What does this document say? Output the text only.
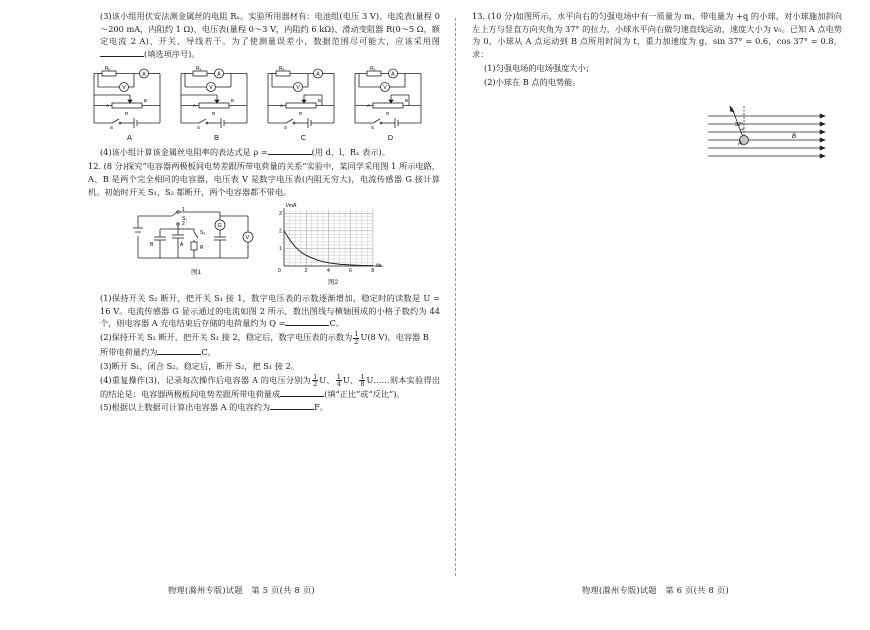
(3)该小组用伏安法测金属丝的电阻 Rₓ。实验所用器材有：电池组(电压 3 V)、电流表(量程 0～200 mA，内阻约 1 Ω)、电压表(量程 0～3 V，内阻约 6 kΩ)、滑动变阻器 R(0～5 Ω，额定电流 2 A)、开关、导线若干。为了使测量误差小，数据范围尽可能大，应该采用图(填选项序号)。

Rₓ
A
V
A
B
R
S
Rₓ
A
V
A
B
R
S
Rₓ
A
V
A
B
R
S
Rₓ
A
V
A
B
R
S
A	B	C	D

(4)该小组计算该金属丝电阻率的表达式是 ρ =	(用 d、l、Rₓ 表示)。

12. (8 分)探究“电容器两极板间电势差跟所带电荷量的关系”实验中，某同学采用图 1 所示电路，A、B 是两个完全相同的电容器，电压表 V 是数字电压表(内阻无穷大)，电流传感器 G 接计算机。初始时开关 S₁、S₂ 都断开，两个电容器都不带电。

1
2
S₁
S₂
R
B	A
G
V
图1	2	4	6	8
1
2
3
0
I/mA
t/s
图2

(1)保持开关 S₂ 断开，把开关 S₁ 接 1，数字电压表的示数逐渐增加，稳定时的读数是 U = 16 V。电流传感器 G 显示通过的电流如图 2 所示，数出图线与横轴围成的小格子数约为 44 个，则电容器 A 充电结束后存储的电荷量约为 Q =	C。

(2)保持开关 S₂ 断开，把开关 S₁ 接 2，稳定后，数字电压表的示数为 $\frac{1}{2} U(8$ V)，电容器 B

所带电荷量约为	C。

(3)断开 S₁，闭合 S₂。稳定后，断开 S₂，把 S₁ 接 2。

(4)重复操作(3)，记录每次操作后电容器 A 的电压分别为 $\frac{1}{2}$ U、 $\frac{1}{4}$ U、 $\frac{1}{8}$ U……则本实验得出的结论是：电容器两极板间电势差跟所带电荷量成	(填“正比”或“反比”)。

(5)根据以上数据可计算出电容器 A 的电容约为	F。

物理(滁州专版)试题　第 5 页(共 8 页)

13. (10 分)如图所示，水平向右的匀强电场中有一质量为 m、带电量为 +q 的小球，对小球施加斜向左上方与竖直方向夹角为 37° 的拉力，小球水平向右做匀速直线运动，速度大小为 v₀。已知 A 点电势为 0，小球从 A 点运动到 B 点所用时间为 t，重力加速度为 g，sin 37° = 0.6，cos 37° = 0.8，求：

(1)匀强电场的电场强度大小；

(2)小球在 B 点的电势能。

37°
A
B
物理(滁州专版)试题　第 6 页(共 8 页)
